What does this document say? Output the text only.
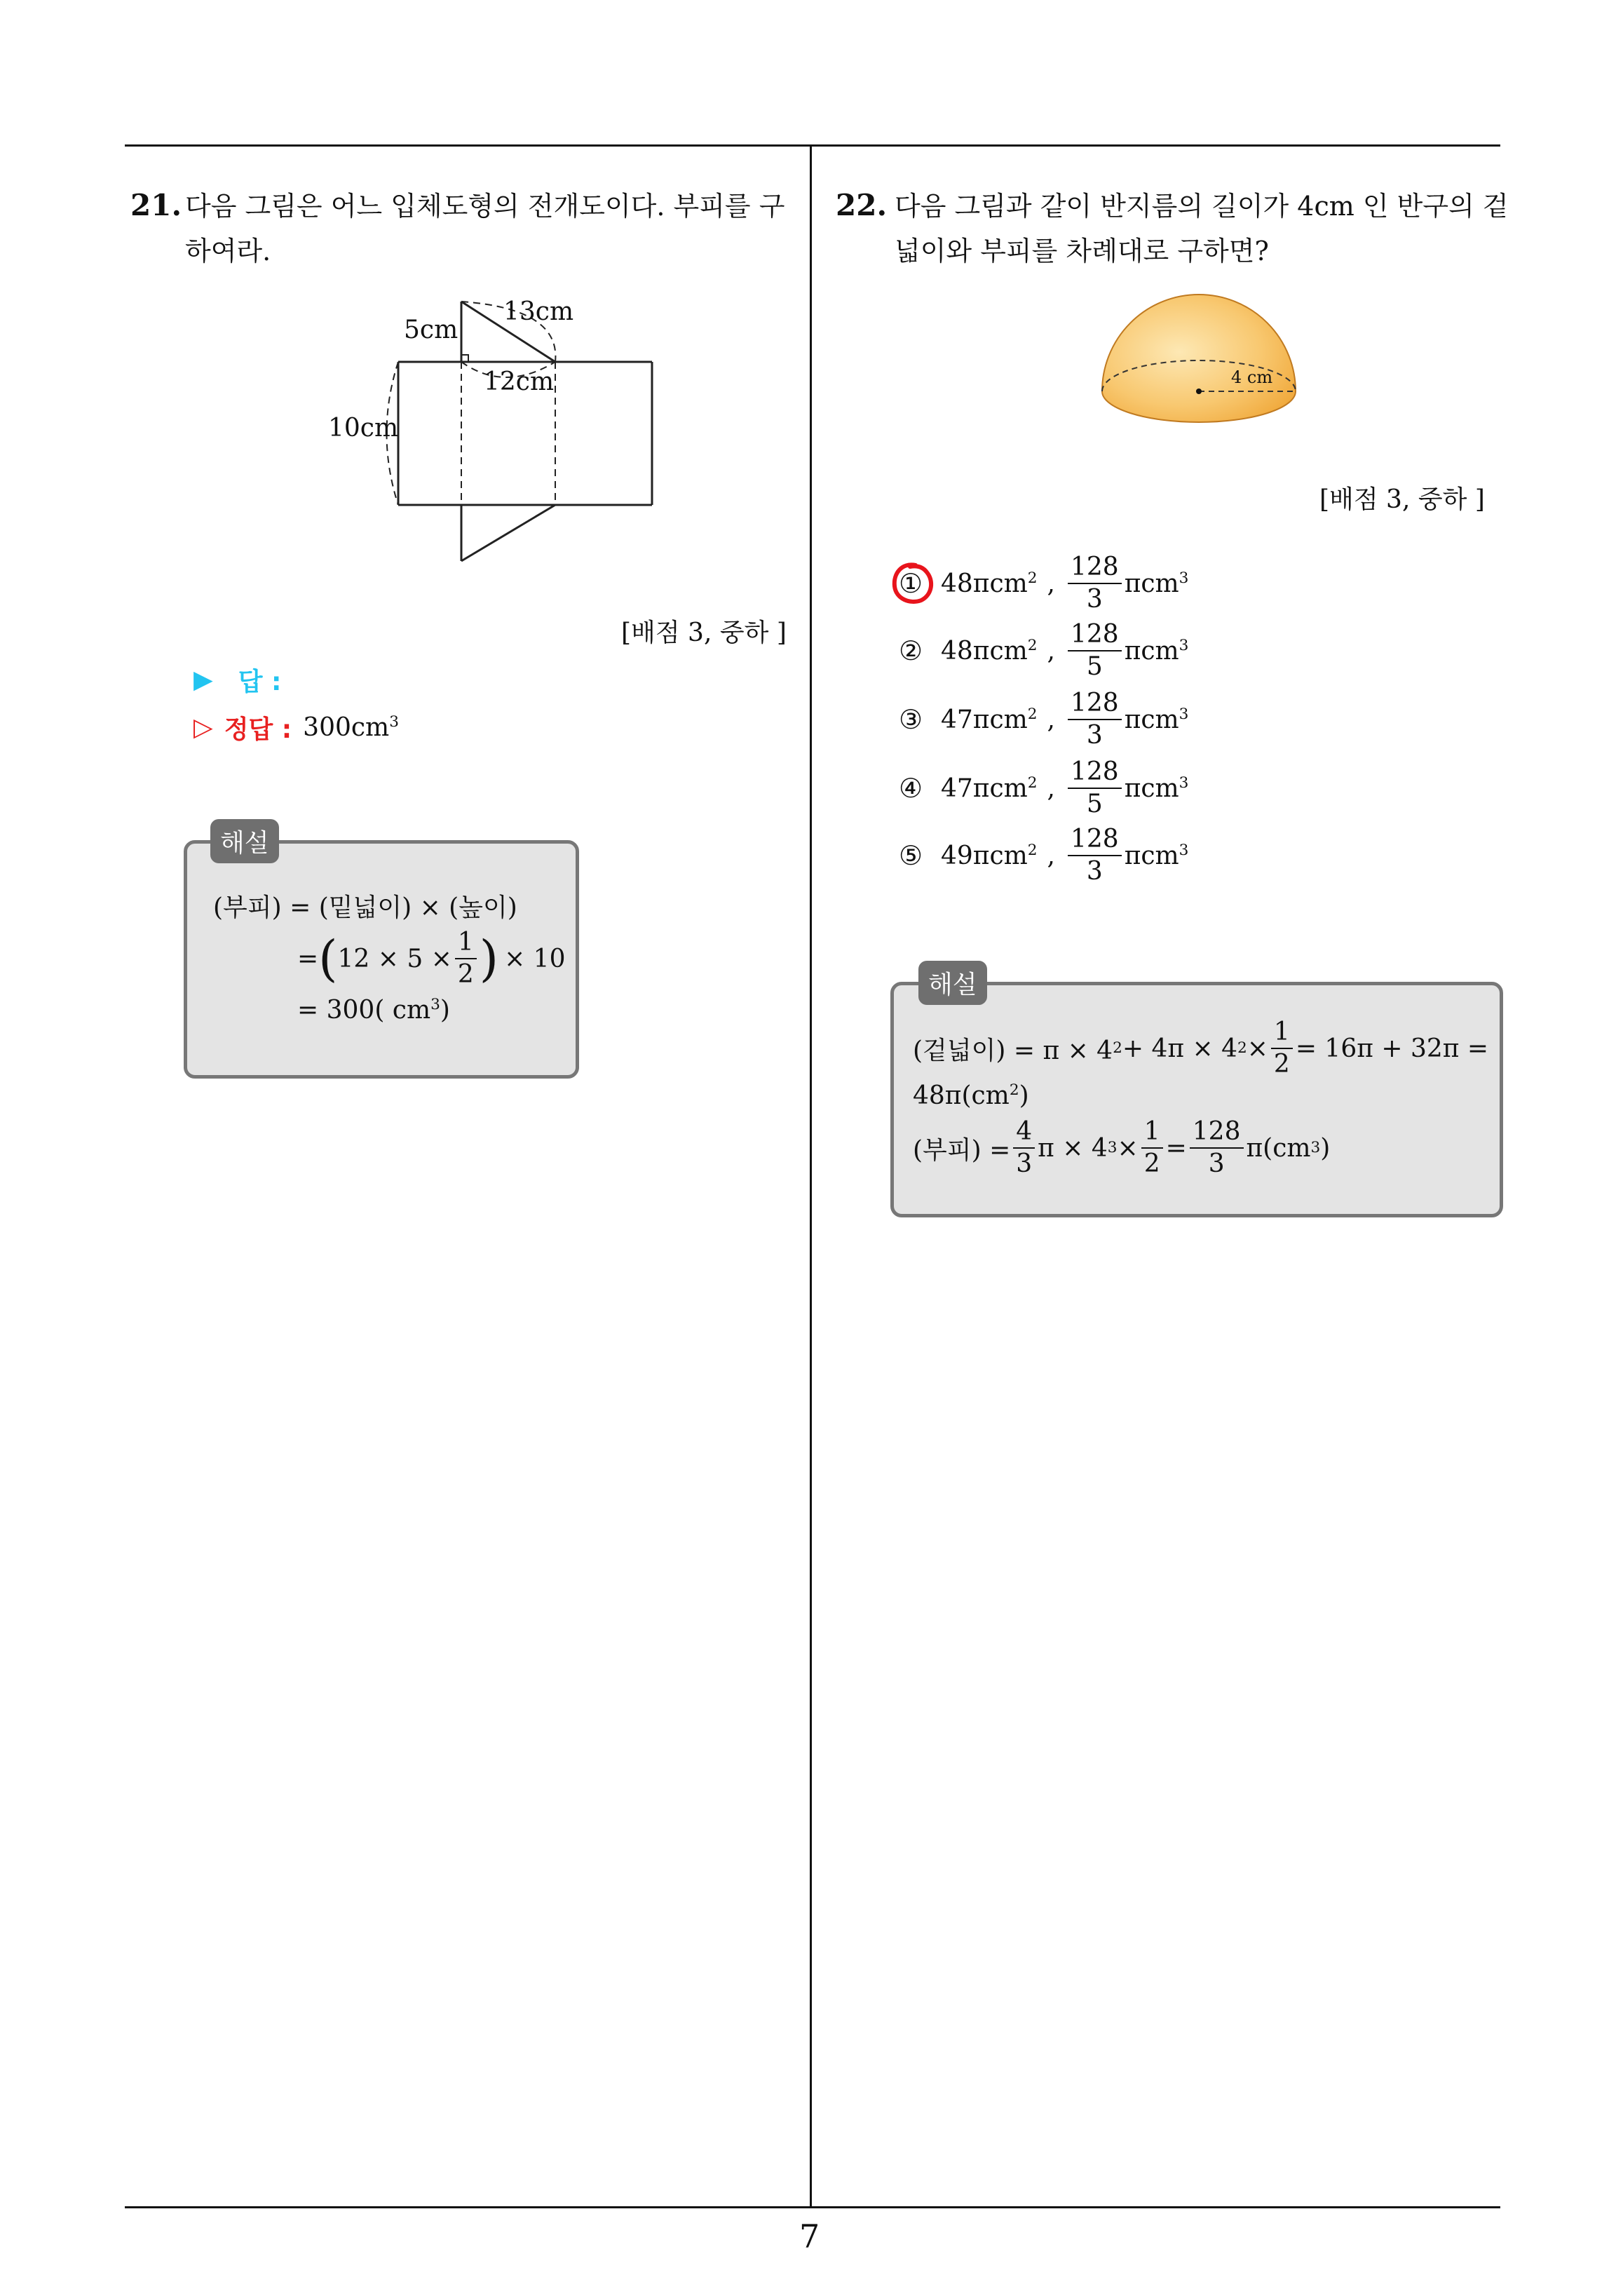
7
21. 다음 그림은 어느 입체도형의 전개도이다. 부피를 구
하여라.
5cm
13cm
12cm
10cm
[배점 3, 중하 ]
▶ 답 :
▷ 정답 : $300cm^3$
해설
(부피) = (밑넓이) × (높이)
= ( $12 \times 5 \times \frac{1}{2}$ ) × 10
= 300( $cm^3$)
22. 다음 그림과 같이 반지름의 길이가 4cm 인 반구의 겉
넓이와 부피를 차례대로 구하면?
4 cm
[배점 3, 중하 ]
① 48πcm$^2$ , $\frac{128}{3} \pi cm^3$
② 48πcm$^2$ , $\frac{128}{5} \pi cm^3$
③ 47πcm$^2$ , $\frac{128}{3} \pi cm^3$
④ 47πcm$^2$ , $\frac{128}{5} \pi cm^3$
⑤ 49πcm$^2$ , $\frac{128}{3} \pi cm^3$
해설
(겉넓이) = π × 4 2 + 4π × 4 $2 \times \frac{1}{2} = 16\pi + 32\pi$ =
$48\pi(cm^2)$
(부피) = $\frac{4}{3}$ π × 4 $3 \times \frac{1}{2} = \frac{128}{3} \pi(cm$ 3 )
